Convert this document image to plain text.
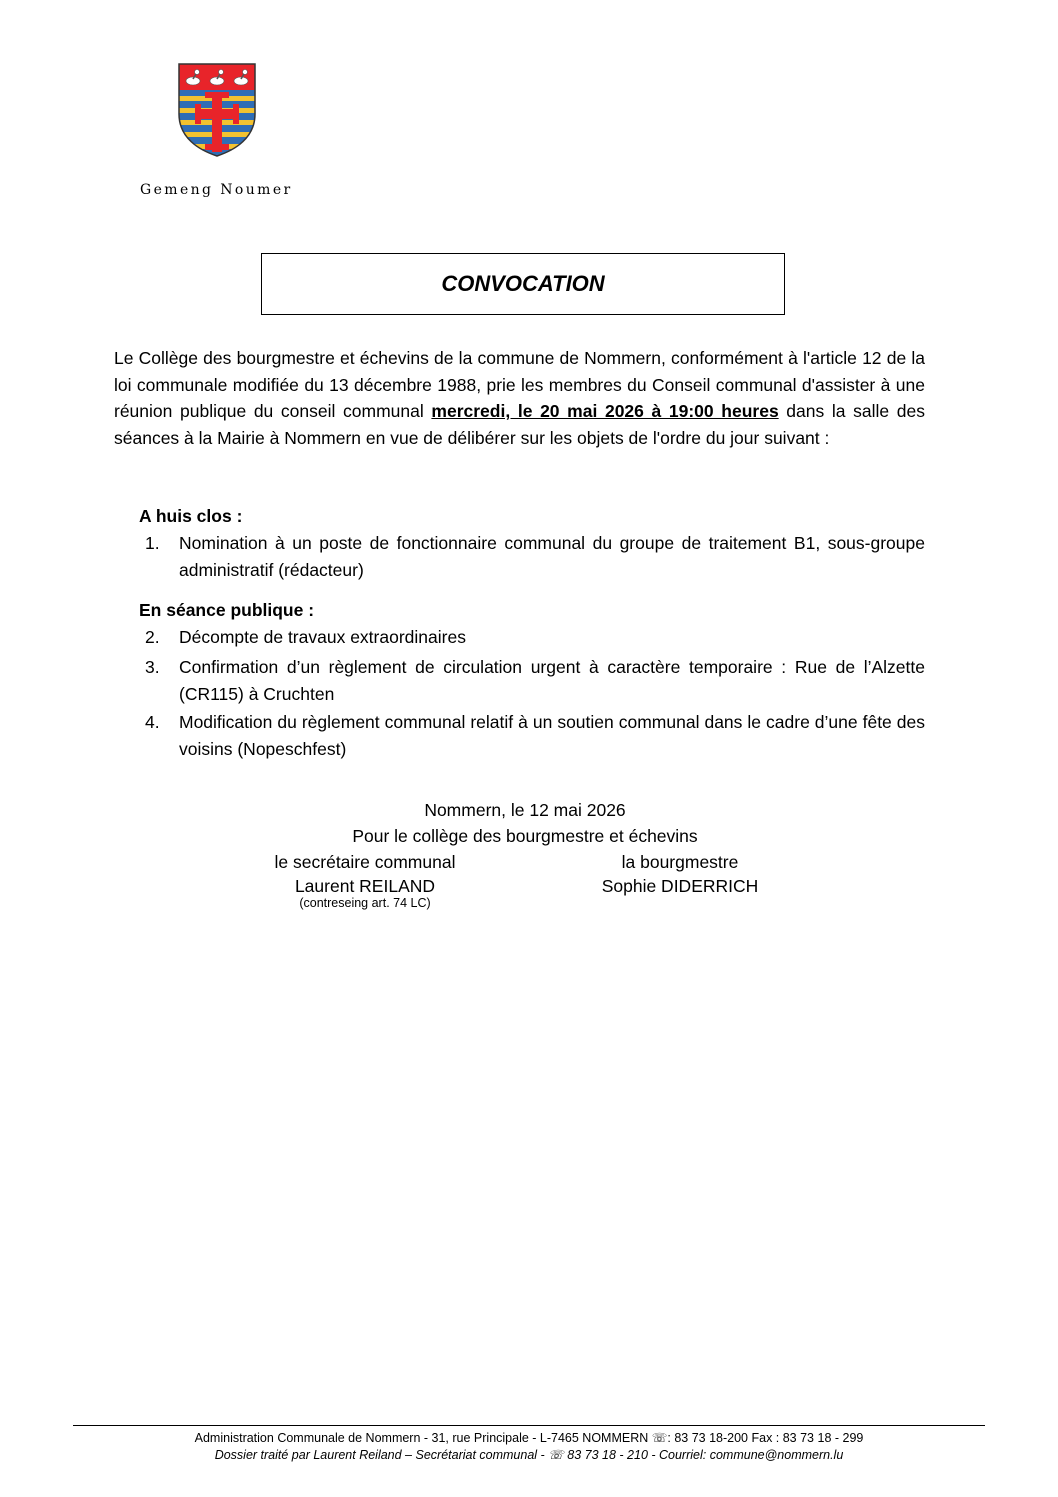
Gemeng Noumer
CONVOCATION

Le Collège des bourgmestre et échevins de la commune de Nommern, conformément à l'article 12 de la loi communale modifiée du 13 décembre 1988, prie les membres du Conseil communal d'assister à une réunion publique du conseil communal mercredi, le 20 mai 2026 à 19:00 heures dans la salle des séances à la Mairie à Nommern en vue de délibérer sur les objets de l'ordre du jour suivant :

A huis clos :
1. Nomination à un poste de fonctionnaire communal du groupe de traitement B1, sous-groupe administratif (rédacteur)
En séance publique :
2. Décompte de travaux extraordinaires
3. Confirmation d’un règlement de circulation urgent à caractère temporaire : Rue de l’Alzette (CR115) à Cruchten
4. Modification du règlement communal relatif à un soutien communal dans le cadre d’une fête des voisins (Nopeschfest)
Nommern, le 12 mai 2026
Pour le collège des bourgmestre et échevins
le secrétaire communal
Laurent REILAND
(contreseing art. 74 LC)
la bourgmestre
Sophie DIDERRICH
Administration Communale de Nommern - 31, rue Principale - L-7465 NOMMERN ☏: 83 73 18-200 Fax : 83 73 18 - 299
Dossier traité par Laurent Reiland – Secrétariat communal - ☏ 83 73 18 - 210 - Courriel: commune@nommern.lu
